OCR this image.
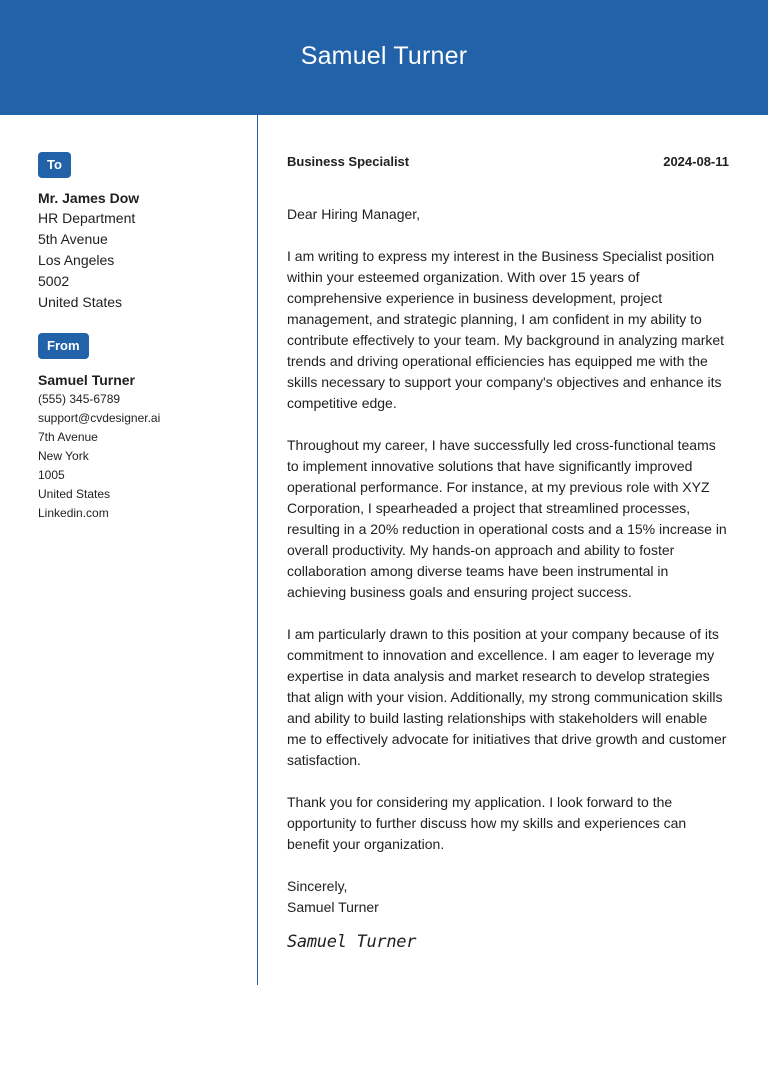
Samuel Turner
To
Mr. James Dow
HR Department
5th Avenue
Los Angeles
5002
United States
From
Samuel Turner
(555) 345-6789
support@cvdesigner.ai
7th Avenue
New York
1005
United States
Linkedin.com
Business Specialist	2024-08-11
Dear Hiring Manager,
I am writing to express my interest in the Business Specialist position within your esteemed organization. With over 15 years of comprehensive experience in business development, project management, and strategic planning, I am confident in my ability to contribute effectively to your team. My background in analyzing market trends and driving operational efficiencies has equipped me with the skills necessary to support your company's objectives and enhance its competitive edge.
Throughout my career, I have successfully led cross-functional teams to implement innovative solutions that have significantly improved operational performance. For instance, at my previous role with XYZ Corporation, I spearheaded a project that streamlined processes, resulting in a 20% reduction in operational costs and a 15% increase in overall productivity. My hands-on approach and ability to foster collaboration among diverse teams have been instrumental in achieving business goals and ensuring project success.
I am particularly drawn to this position at your company because of its commitment to innovation and excellence. I am eager to leverage my expertise in data analysis and market research to develop strategies that align with your vision. Additionally, my strong communication skills and ability to build lasting relationships with stakeholders will enable me to effectively advocate for initiatives that drive growth and customer satisfaction.
Thank you for considering my application. I look forward to the opportunity to further discuss how my skills and experiences can benefit your organization.
Sincerely,
Samuel Turner
Samuel Turner
